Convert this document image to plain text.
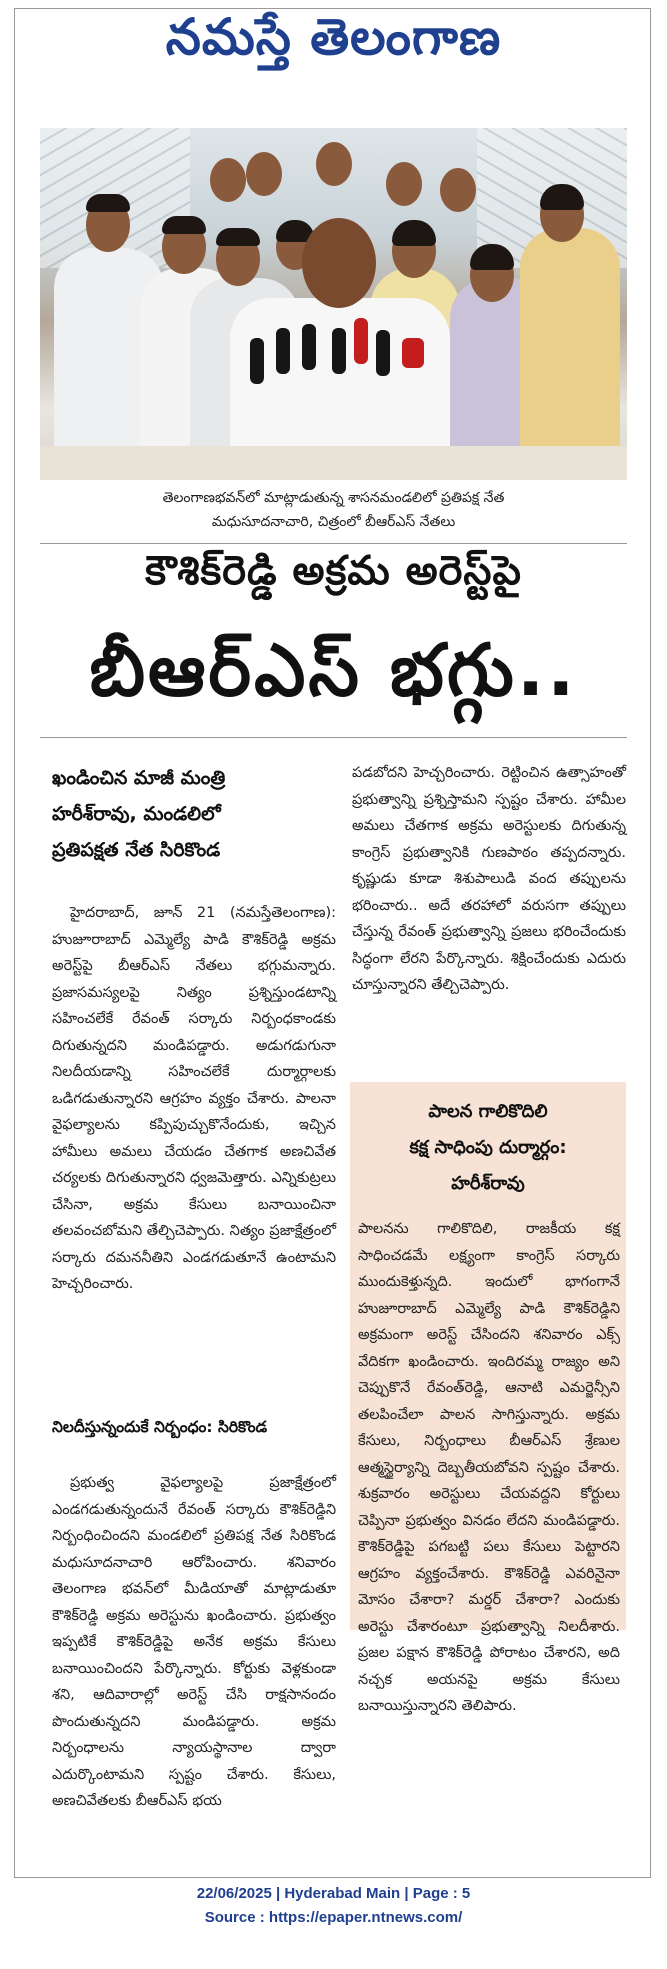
నమస్తే తెలంగాణ
తెలంగాణభవన్‌లో మాట్లాడుతున్న శాసనమండలిలో ప్రతిపక్ష నేత
మధుసూదనాచారి, చిత్రంలో బీఆర్‌ఎస్ నేతలు
కౌశిక్‌రెడ్డి అక్రమ అరెస్ట్‌పై
బీఆర్‌ఎస్ భగ్గు..
ఖండించిన మాజీ మంత్రి
హరీశ్‌రావు, మండలిలో
ప్రతిపక్షత నేత సిరికొండ

హైదరాబాద్, జూన్ 21 (నమస్తేతెలంగాణ): హుజూరాబాద్ ఎమ్మెల్యే పాడి కౌశిక్‌రెడ్డి అక్రమ అరెస్ట్‌పై బీఆర్‌ఎస్ నేతలు భగ్గుమన్నారు. ప్రజాసమస్యలపై నిత్యం ప్రశ్నిస్తుండటాన్ని సహించలేకే రేవంత్ సర్కారు నిర్బంధకాండకు దిగుతున్నదని మండిపడ్డారు. అడుగడుగునా నిలదీయడాన్ని సహించలేకే దుర్మార్గాలకు ఒడిగడుతున్నారని ఆగ్రహం వ్యక్తం చేశారు. పాలనా వైఫల్యాలను కప్పిపుచ్చుకొనేందుకు, ఇచ్చిన హామీలు అమలు చేయడం చేతగాక అణచివేత చర్యలకు దిగుతున్నారని ధ్వజమెత్తారు. ఎన్నికుట్రలు చేసినా, అక్రమ కేసులు బనాయించినా తలవంచబోమని తేల్చిచెప్పారు. నిత్యం ప్రజాక్షేత్రంలో సర్కారు దమననీతిని ఎండగడుతూనే ఉంటామని హెచ్చరించారు.

పడబోదని హెచ్చరించారు. రెట్టించిన ఉత్సాహంతో ప్రభుత్వాన్ని ప్రశ్నిస్తామని స్పష్టం చేశారు. హామీల అమలు చేతగాక అక్రమ అరెస్టులకు దిగుతున్న కాంగ్రెస్ ప్రభుత్వానికి గుణపాఠం తప్పదన్నారు. కృష్ణుడు కూడా శిశుపాలుడి వంద తప్పులను భరించారు.. అదే తరహాలో వరుసగా తప్పులు చేస్తున్న రేవంత్ ప్రభుత్వాన్ని ప్రజలు భరించేందుకు సిద్ధంగా లేరని పేర్కొన్నారు. శిక్షించేందుకు ఎదురు చూస్తున్నారని తేల్చిచెప్పారు.

నిలదీస్తున్నందుకే నిర్బంధం: సిరికొండ

ప్రభుత్వ వైఫల్యాలపై ప్రజాక్షేత్రంలో ఎండగడుతున్నందునే రేవంత్ సర్కారు కౌశిక్‌రెడ్డిని నిర్బంధించిందని మండలిలో ప్రతిపక్ష నేత సిరికొండ మధుసూదనాచారి ఆరోపించారు. శనివారం తెలంగాణ భవన్‌లో మీడియాతో మాట్లాడుతూ కౌశిక్‌రెడ్డి అక్రమ అరెస్టును ఖండించారు. ప్రభుత్వం ఇప్పటికే కౌశిక్‌రెడ్డిపై అనేక అక్రమ కేసులు బనాయించిందని పేర్కొన్నారు. కోర్టుకు వెళ్లకుండా శని, ఆదివారాల్లో అరెస్ట్ చేసి రాక్షసానందం పొందుతున్నదని మండిపడ్డారు. అక్రమ నిర్బంధాలను న్యాయస్థానాల ద్వారా ఎదుర్కొంటామని స్పష్టం చేశారు. కేసులు, అణచివేతలకు బీఆర్‌ఎస్ భయ

పాలన గాలికొదిలి
కక్ష సాధింపు దుర్మార్గం:
హరీశ్‌రావు
పాలనను గాలికొదిలి, రాజకీయ కక్ష సాధించడమే లక్ష్యంగా కాంగ్రెస్ సర్కారు ముందుకెళ్తున్నది. ఇందులో భాగంగానే హుజూరాబాద్ ఎమ్మెల్యే పాడి కౌశిక్‌రెడ్డిని అక్రమంగా అరెస్ట్ చేసిందని శనివారం ఎక్స్ వేదికగా ఖండించారు. ఇందిరమ్మ రాజ్యం అని చెప్పుకొనే రేవంత్‌రెడ్డి, ఆనాటి ఎమర్జెన్సీని తలపించేలా పాలన సాగిస్తున్నారు. అక్రమ కేసులు, నిర్బంధాలు బీఆర్‌ఎస్ శ్రేణుల ఆత్మస్థైర్యాన్ని దెబ్బతీయబోవని స్పష్టం చేశారు. శుక్రవారం అరెస్టులు చేయవద్దని కోర్టులు చెప్పినా ప్రభుత్వం వినడం లేదని మండిపడ్డారు. కౌశిక్‌రెడ్డిపై పగబట్టి పలు కేసులు పెట్టారని ఆగ్రహం వ్యక్తంచేశారు. కౌశిక్‌రెడ్డి ఎవరినైనా మోసం చేశారా? మర్డర్ చేశారా? ఎందుకు అరెస్టు చేశారంటూ ప్రభుత్వాన్ని నిలదీశారు. ప్రజల పక్షాన కౌశిక్‌రెడ్డి పోరాటం చేశారని, అది నచ్చక అయనపై అక్రమ కేసులు బనాయిస్తున్నారని తెలిపారు.
22/06/2025 | Hyderabad Main | Page : 5
Source : https://epaper.ntnews.com/
